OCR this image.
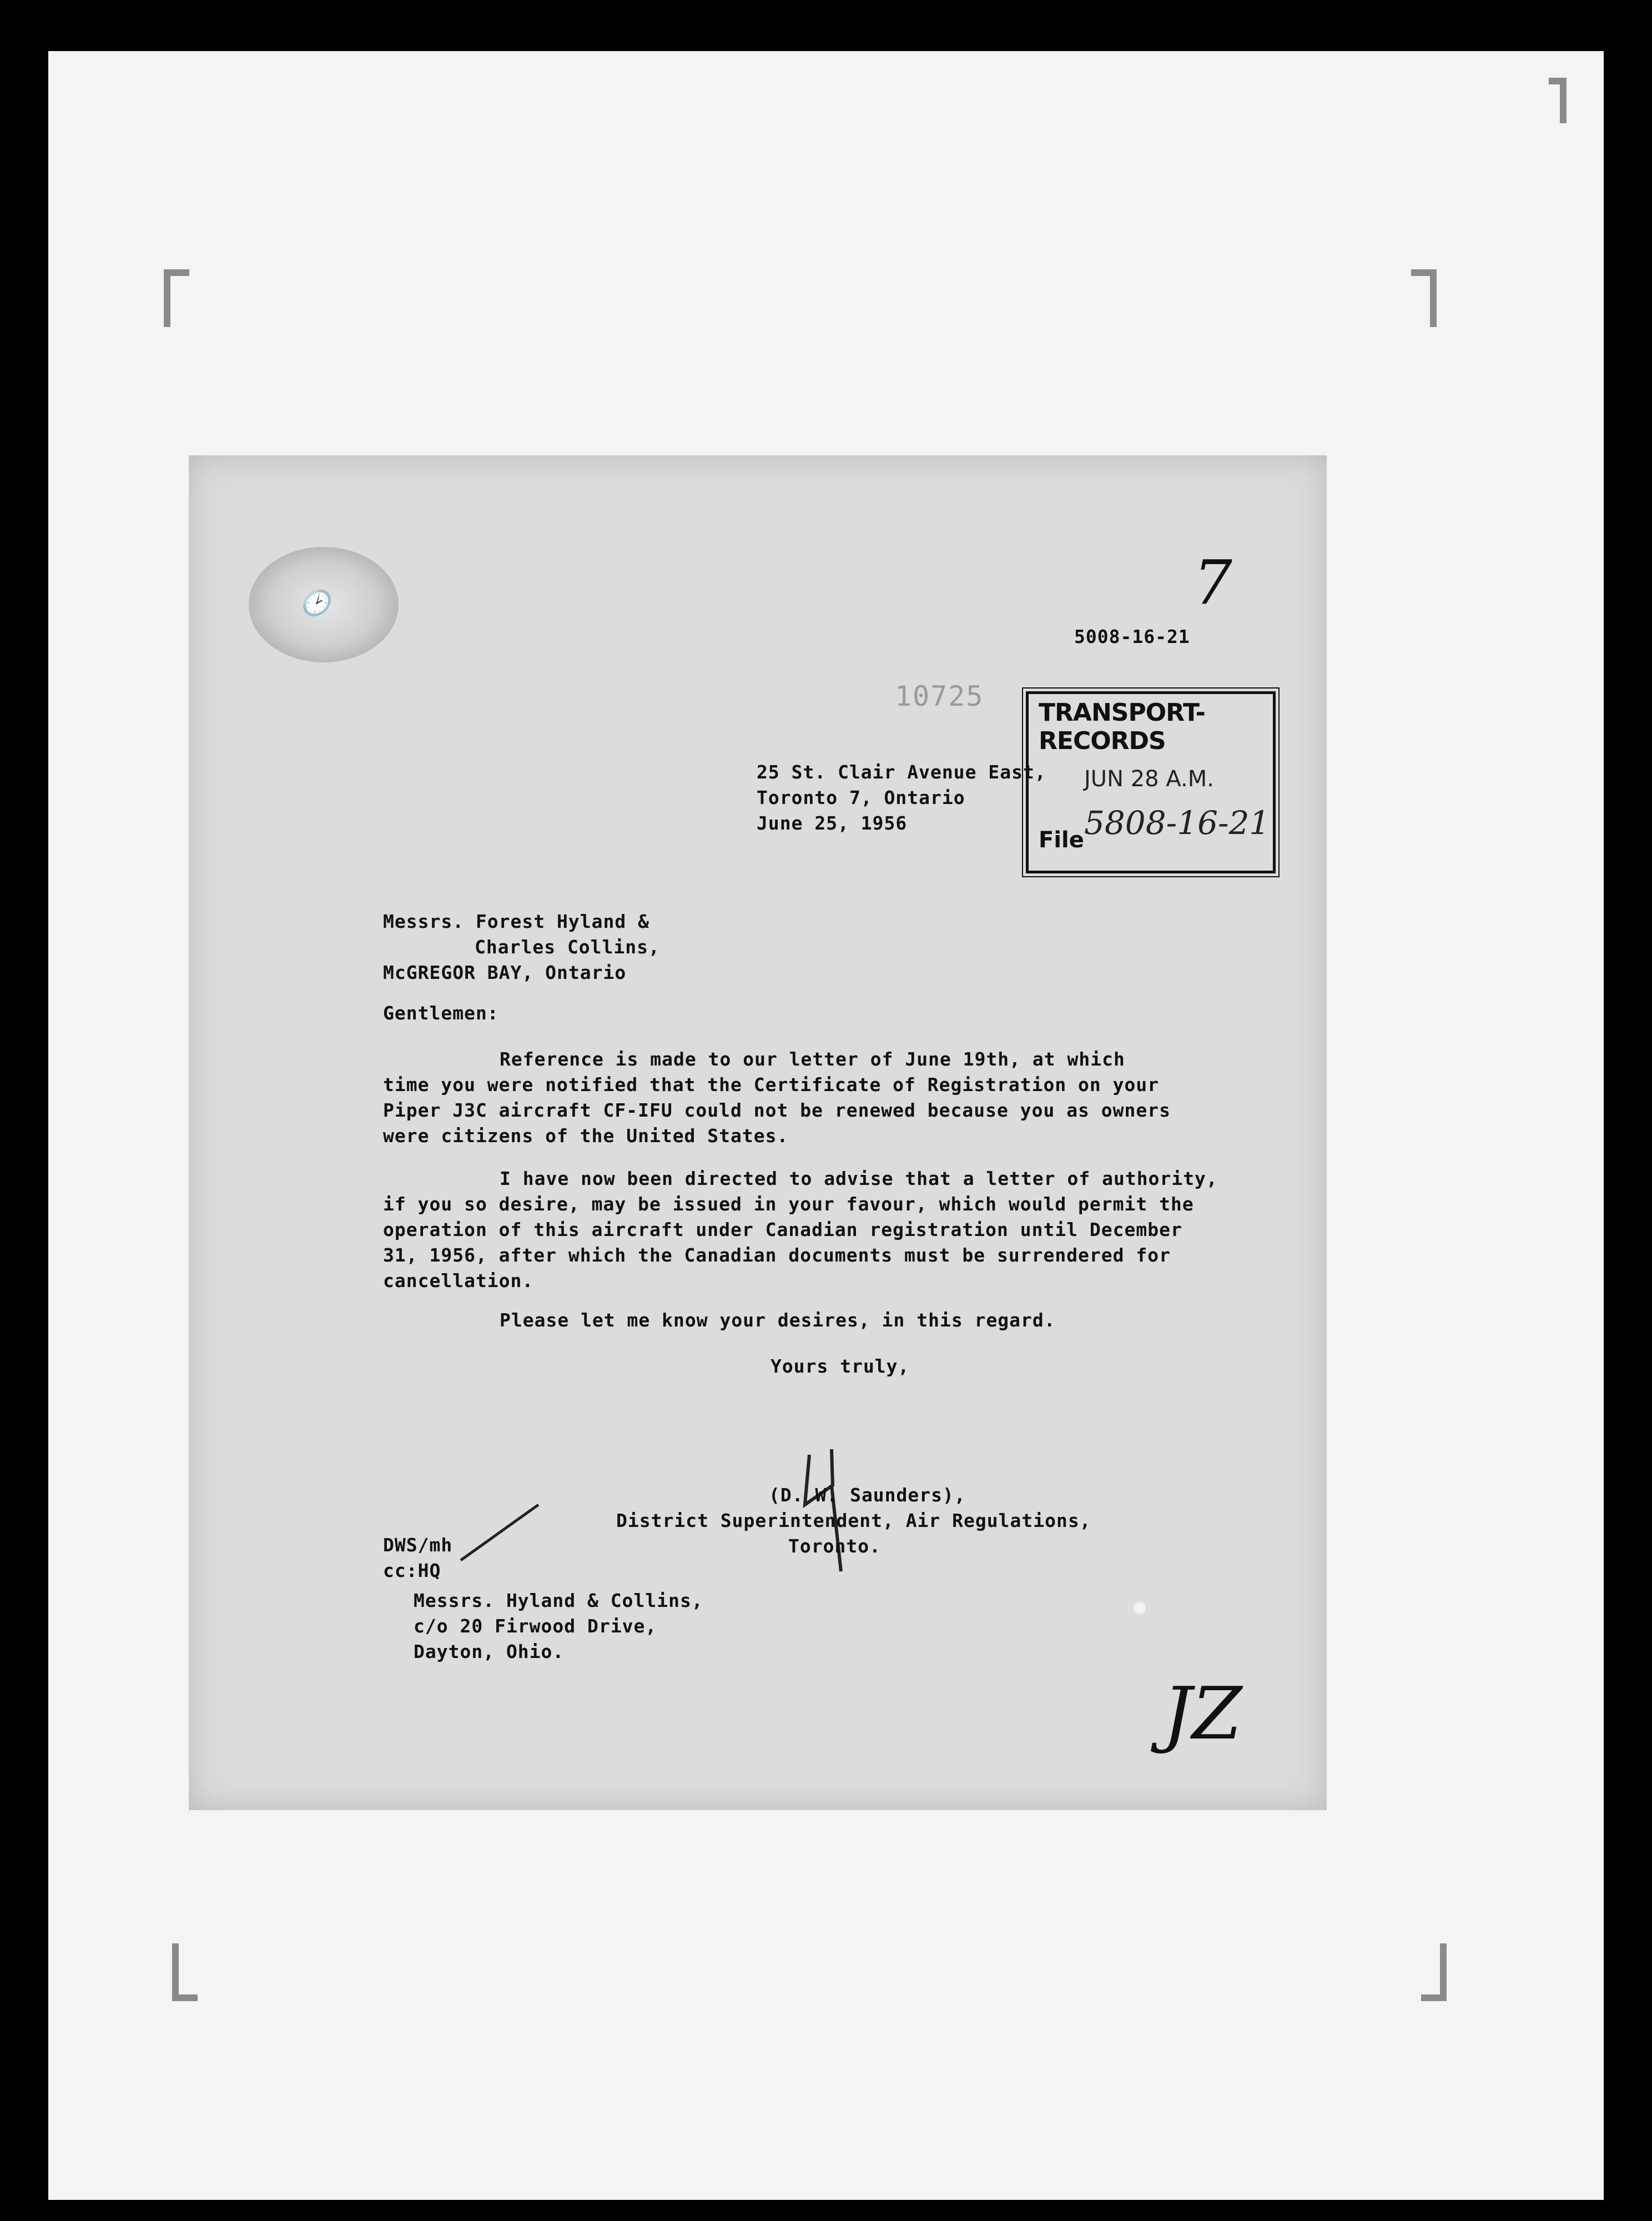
🕑	7
5008-16-21
10725
TRANSPORT-RECORDS
JUN 28 A.M.
5808-16-21
File
25 St. Clair Avenue East,
Toronto 7, Ontario
June 25, 1956
Messrs. Forest Hyland &
Charles Collins,
McGREGOR BAY, Ontario
Gentlemen:
Reference is made to our letter of June 19th, at which
time you were notified that the Certificate of Registration on your
Piper J3C aircraft CF-IFU could not be renewed because you as owners
were citizens of the United States.
I have now been directed to advise that a letter of authority,
if you so desire, may be issued in your favour, which would permit the
operation of this aircraft under Canadian registration until December
31, 1956, after which the Canadian documents must be surrendered for
cancellation.
Please let me know your desires, in this regard.
Yours truly,
(D. W. Saunders),
District Superintendent, Air Regulations,
Toronto.
DWS/mh
cc:HQ
Messrs. Hyland & Collins,
c/o 20 Firwood Drive,
Dayton, Ohio.
JZ
